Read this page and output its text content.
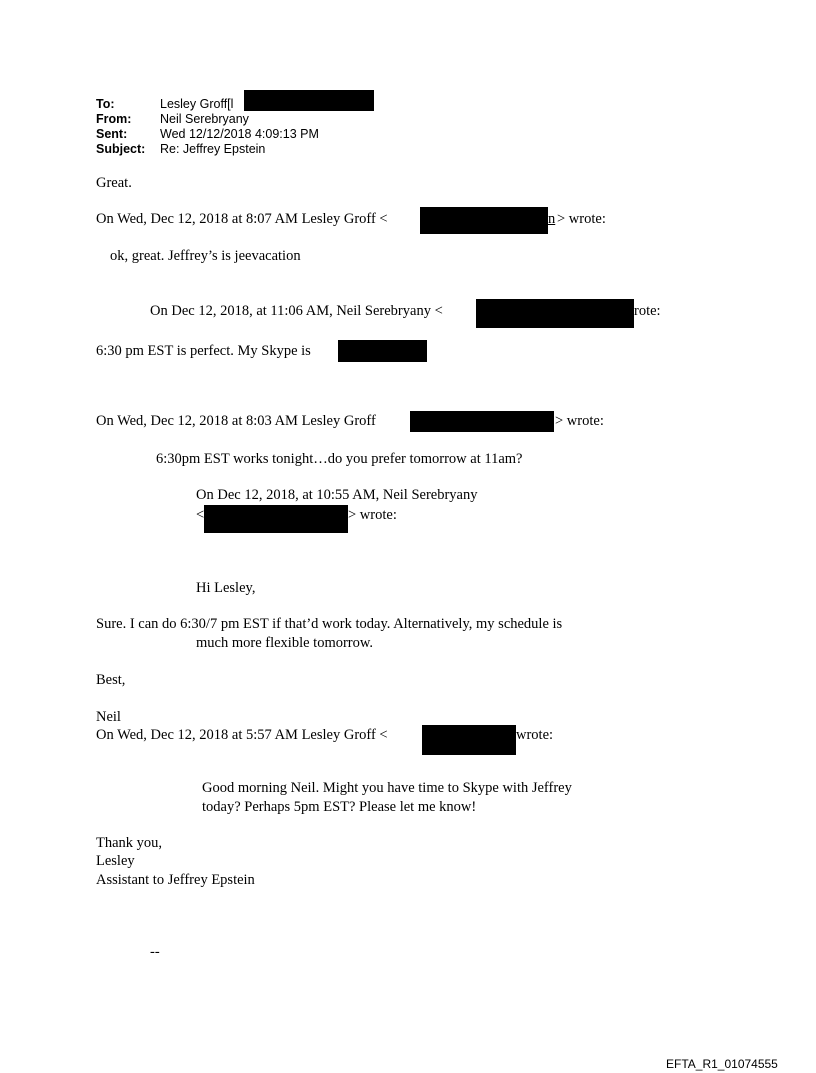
To:	Lesley Groff[l
From: Neil Serebryany
Sent:	Wed 12/12/2018 4:09:13 PM
Subject: Re: Jeffrey Epstein
Great.
On Wed, Dec 12, 2018 at 8:07 AM Lesley Groff <	n > wrote:
ok, great. Jeffrey’s is jeevacation
On Dec 12, 2018, at 11:06 AM, Neil Serebryany <	rote:
6:30 pm EST is perfect. My Skype is
On Wed, Dec 12, 2018 at 8:03 AM Lesley Groff	> wrote:
6:30pm EST works tonight…do you prefer tomorrow at 11am?
On Dec 12, 2018, at 10:55 AM, Neil Serebryany
<	> wrote:
Hi Lesley,
Sure. I can do 6:30/7 pm EST if that’d work today. Alternatively, my schedule is
much more flexible tomorrow.
Best,
Neil
On Wed, Dec 12, 2018 at 5:57 AM Lesley Groff <	wrote:
Good morning Neil. Might you have time to Skype with Jeffrey
today? Perhaps 5pm EST? Please let me know!
Thank you,
Lesley
Assistant to Jeffrey Epstein
--
EFTA_R1_01074555
